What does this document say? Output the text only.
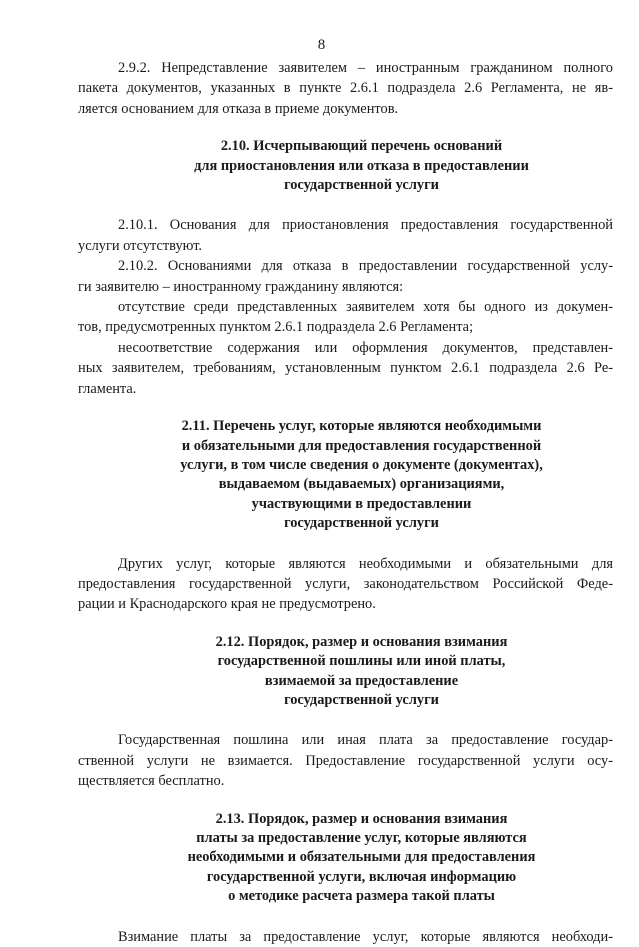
8

2.9.2. Непредставление заявителем – иностранным гражданином полного
пакета документов, указанных в пункте 2.6.1 подраздела 2.6 Регламента, не яв-
ляется основанием для отказа в приеме документов.

2.10. Исчерпывающий перечень оснований
для приостановления или отказа в предоставлении
государственной услуги

2.10.1. Основания для приостановления предоставления государственной
услуги отсутствуют.

2.10.2. Основаниями для отказа в предоставлении государственной услу-
ги заявителю – иностранному гражданину являются:

отсутствие среди представленных заявителем хотя бы одного из докумен-
тов, предусмотренных пунктом 2.6.1 подраздела 2.6 Регламента;

несоответствие содержания или оформления документов, представлен-
ных заявителем, требованиям, установленным пунктом 2.6.1 подраздела 2.6 Ре-
гламента.

2.11. Перечень услуг, которые являются необходимыми
и обязательными для предоставления государственной
услуги, в том числе сведения о документе (документах),
выдаваемом (выдаваемых) организациями,
участвующими в предоставлении
государственной услуги

Других услуг, которые являются необходимыми и обязательными для
предоставления государственной услуги, законодательством Российской Феде-
рации и Краснодарского края не предусмотрено.

2.12. Порядок, размер и основания взимания
государственной пошлины или иной платы,
взимаемой за предоставление
государственной услуги

Государственная пошлина или иная плата за предоставление государ-
ственной услуги не взимается. Предоставление государственной услуги осу-
ществляется бесплатно.

2.13. Порядок, размер и основания взимания
платы за предоставление услуг, которые являются
необходимыми и обязательными для предоставления
государственной услуги, включая информацию
о методике расчета размера такой платы

Взимание платы за предоставление услуг, которые являются необходи-
